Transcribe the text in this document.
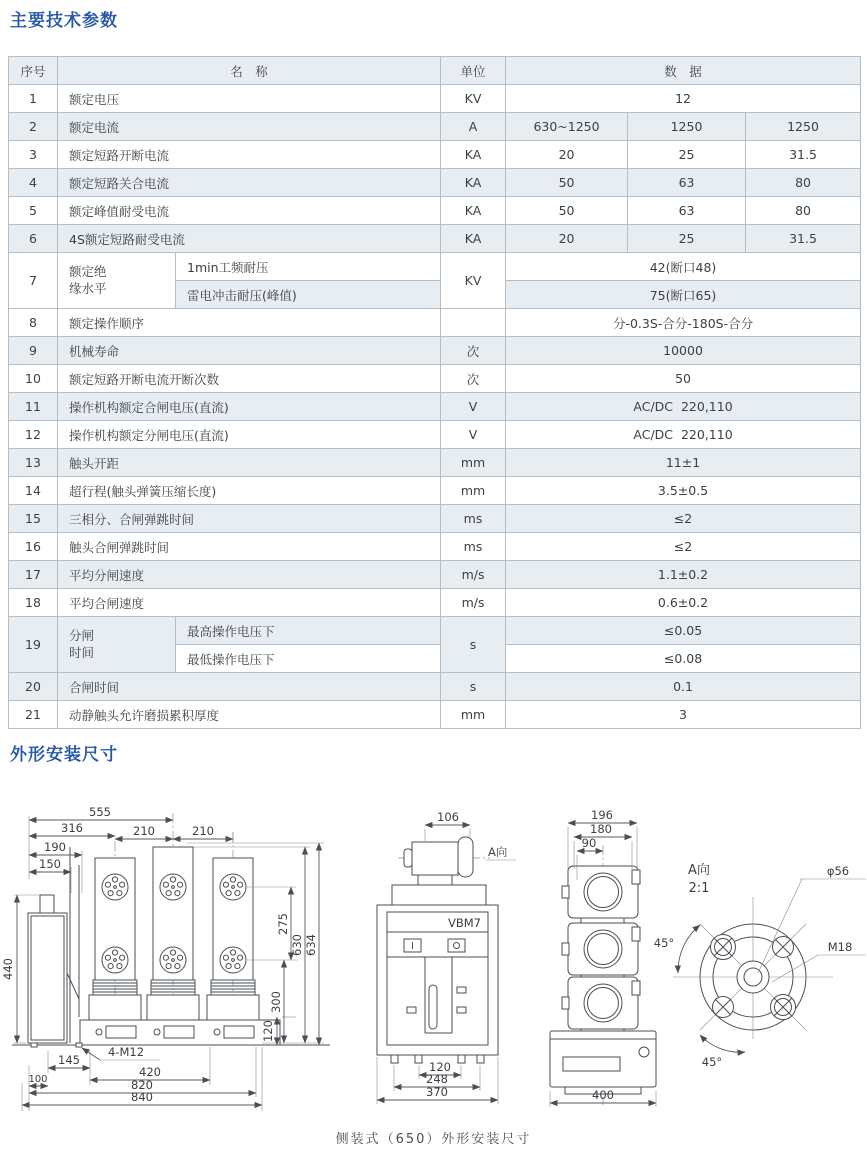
主要技术参数
序号	名　称		单位	数　据		
1	额定电压		KV	12		
2	额定电流		A	630~1250	1250	1250
3	额定短路开断电流		KA	20	25	31.5
4	额定短路关合电流		KA	50	63	80
5	额定峰值耐受电流		KA	50	63	80
6	4S额定短路耐受电流		KA	20	25	31.5
7	额定绝缘水平	1min工频耐压	KV	42(断口48)		
		雷电冲击耐压(峰值)		75(断口65)		
8	额定操作顺序			分-0.3S-合分-180S-合分		
9	机械寿命		次	10000		
10	额定短路开断电流开断次数		次	50		
11	操作机构额定合闸电压(直流)		V	AC/DC  220,110		
12	操作机构额定分闸电压(直流)		V	AC/DC  220,110		
13	触头开距		mm	11±1		
14	超行程(触头弹簧压缩长度)		mm	3.5±0.5		
15	三相分、合闸弹跳时间		ms	≤2		
16	触头合闸弹跳时间		ms	≤2		
17	平均分闸速度		m/s	1.1±0.2		
18	平均合闸速度		m/s	0.6±0.2		
19	分闸时间	最高操作电压下	s	≤0.05		
		最低操作电压下		≤0.08		
20	合闸时间		s	0.1		
21	动静触头允许磨损累积厚度		mm	3		
外形安装尺寸
555
316	210	210
190
150
440
275
300
120
630 634
145
420
100	820
840
4-M12
VBM7
106
A向
120
248
370
196
180
90
400
A向
2:1
φ56
M18
45°
45°
侧装式（650）外形安装尺寸
